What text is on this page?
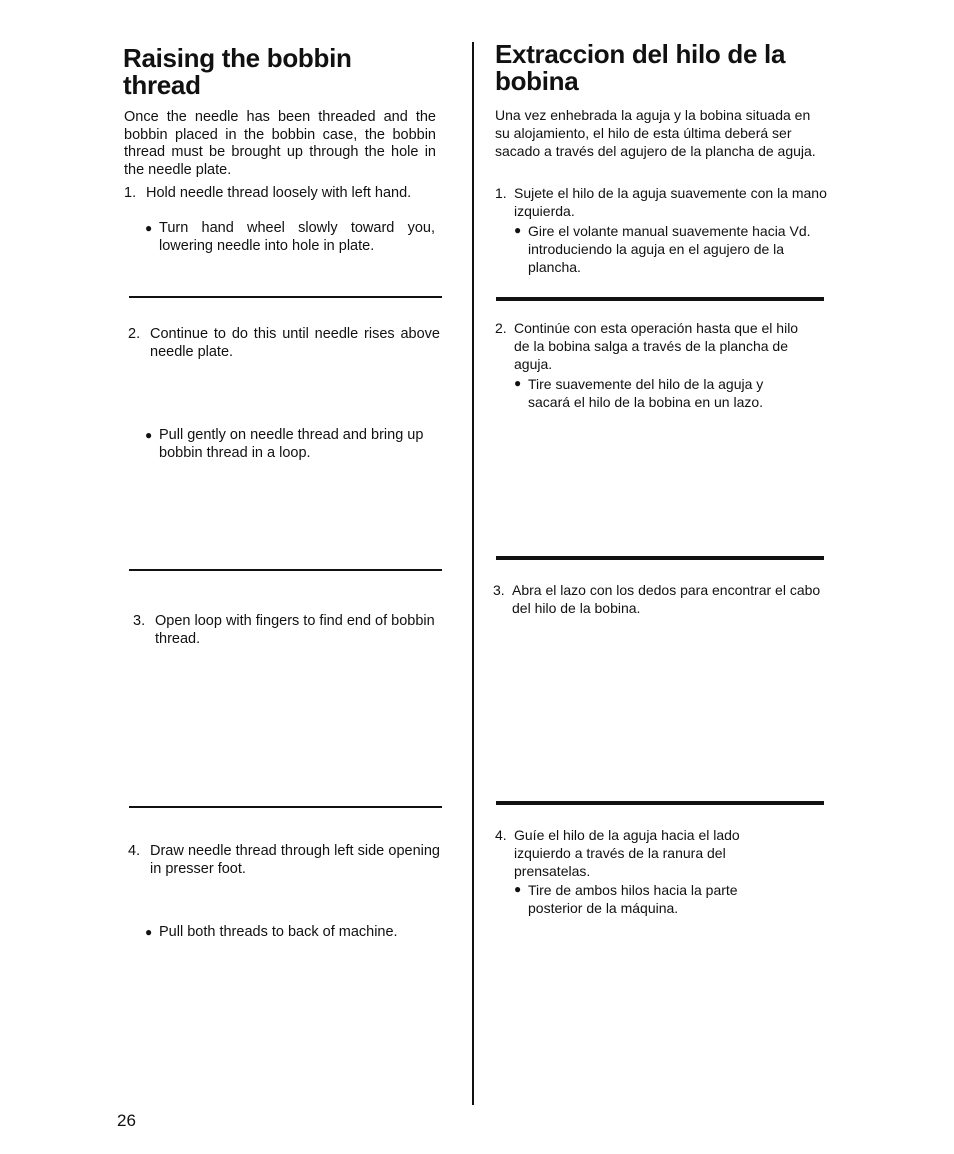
Raising the bobbin
thread

Once the needle has been threaded and the bobbin placed in the bobbin case, the bobbin thread must be brought up through the hole in the needle plate.

1. Hold needle thread loosely with left hand.
● Turn hand wheel slowly toward you, lowering needle into hole in plate.
2. Continue to do this until needle rises above needle plate.
● Pull gently on needle thread and bring up bobbin thread in a loop.
3. Open loop with fingers to find end of bobbin thread.
4. Draw needle thread through left side opening in presser foot.
● Pull both threads to back of machine.
Extraccion del hilo de la
bobina

Una vez enhebrada la aguja y la bobina situada en su alojamiento, el hilo de esta última deberá ser sacado a través del agujero de la plancha de aguja.

1. Sujete el hilo de la aguja suavemente con la mano izquierda.
● Gire el volante manual suavemente hacia Vd. introduciendo la aguja en el agujero de la plancha.
2. Continúe con esta operación hasta que el hilo de la bobina salga a través de la plancha de aguja.
● Tire suavemente del hilo de la aguja y sacará el hilo de la bobina en un lazo.
3. Abra el lazo con los dedos para encontrar el cabo del hilo de la bobina.
4. Guíe el hilo de la aguja hacia el lado izquierdo a través de la ranura del prensatelas.
● Tire de ambos hilos hacia la parte posterior de la máquina.
26
